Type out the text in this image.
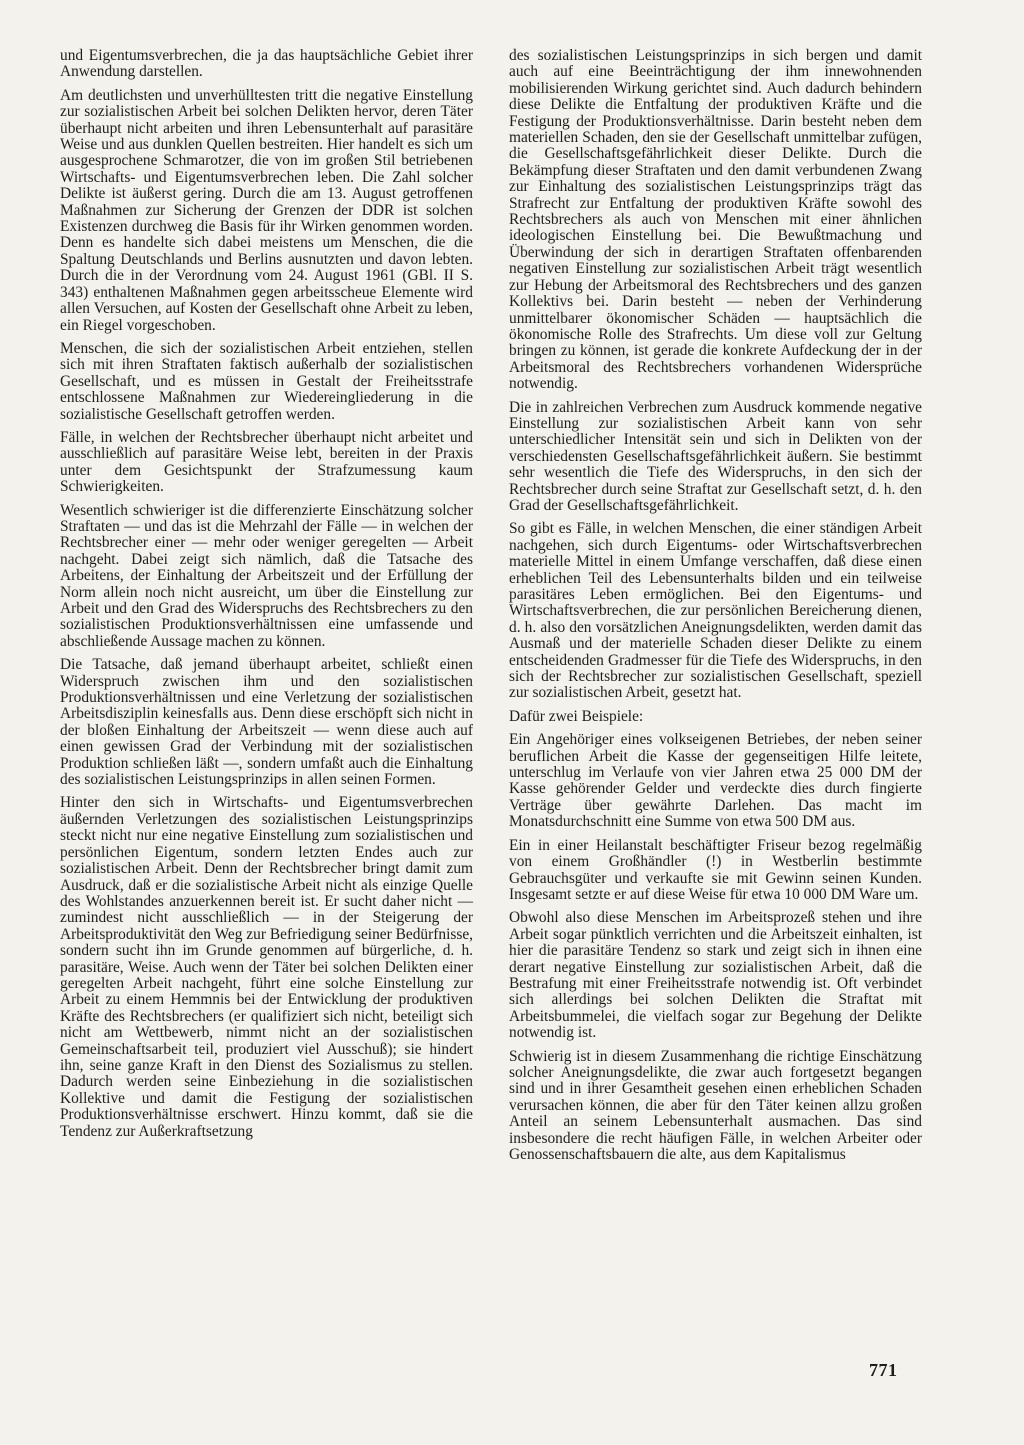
und Eigentumsverbrechen, die ja das hauptsächliche Gebiet ihrer Anwendung darstellen.

Am deutlichsten und unverhülltesten tritt die negative Einstellung zur sozialistischen Arbeit bei solchen Delikten hervor, deren Täter überhaupt nicht arbeiten und ihren Lebensunterhalt auf parasitäre Weise und aus dunklen Quellen bestreiten. Hier handelt es sich um ausgesprochene Schmarotzer, die von im großen Stil betriebenen Wirtschafts- und Eigentumsverbrechen leben. Die Zahl solcher Delikte ist äußerst gering. Durch die am 13. August getroffenen Maßnahmen zur Sicherung der Grenzen der DDR ist solchen Existenzen durchweg die Basis für ihr Wirken genommen worden. Denn es handelte sich dabei meistens um Menschen, die die Spaltung Deutschlands und Berlins ausnutzten und davon lebten. Durch die in der Verordnung vom 24. August 1961 (GBl. II S. 343) enthaltenen Maßnahmen gegen arbeitsscheue Elemente wird allen Versuchen, auf Kosten der Gesellschaft ohne Arbeit zu leben, ein Riegel vorgeschoben.

Menschen, die sich der sozialistischen Arbeit entziehen, stellen sich mit ihren Straftaten faktisch außerhalb der sozialistischen Gesellschaft, und es müssen in Gestalt der Freiheitsstrafe entschlossene Maßnahmen zur Wiedereingliederung in die sozialistische Gesellschaft getroffen werden.

Fälle, in welchen der Rechtsbrecher überhaupt nicht arbeitet und ausschließlich auf parasitäre Weise lebt, bereiten in der Praxis unter dem Gesichtspunkt der Strafzumessung kaum Schwierigkeiten.

Wesentlich schwieriger ist die differenzierte Einschätzung solcher Straftaten — und das ist die Mehrzahl der Fälle — in welchen der Rechtsbrecher einer — mehr oder weniger geregelten — Arbeit nachgeht. Dabei zeigt sich nämlich, daß die Tatsache des Arbeitens, der Einhaltung der Arbeitszeit und der Erfüllung der Norm allein noch nicht ausreicht, um über die Einstellung zur Arbeit und den Grad des Widerspruchs des Rechtsbrechers zu den sozialistischen Produktionsverhältnissen eine umfassende und abschließende Aussage machen zu können.

Die Tatsache, daß jemand überhaupt arbeitet, schließt einen Widerspruch zwischen ihm und den sozialistischen Produktionsverhältnissen und eine Verletzung der sozialistischen Arbeitsdisziplin keinesfalls aus. Denn diese erschöpft sich nicht in der bloßen Einhaltung der Arbeitszeit — wenn diese auch auf einen gewissen Grad der Verbindung mit der sozialistischen Produktion schließen läßt —, sondern umfaßt auch die Einhaltung des sozialistischen Leistungsprinzips in allen seinen Formen.

Hinter den sich in Wirtschafts- und Eigentumsverbrechen äußernden Verletzungen des sozialistischen Leistungsprinzips steckt nicht nur eine negative Einstellung zum sozialistischen und persönlichen Eigentum, sondern letzten Endes auch zur sozialistischen Arbeit. Denn der Rechtsbrecher bringt damit zum Ausdruck, daß er die sozialistische Arbeit nicht als einzige Quelle des Wohlstandes anzuerkennen bereit ist. Er sucht daher nicht — zumindest nicht ausschließlich — in der Steigerung der Arbeitsproduktivität den Weg zur Befriedigung seiner Bedürfnisse, sondern sucht ihn im Grunde genommen auf bürgerliche, d. h. parasitäre, Weise. Auch wenn der Täter bei solchen Delikten einer geregelten Arbeit nachgeht, führt eine solche Einstellung zur Arbeit zu einem Hemmnis bei der Entwicklung der produktiven Kräfte des Rechtsbrechers (er qualifiziert sich nicht, beteiligt sich nicht am Wettbewerb, nimmt nicht an der sozialistischen Gemeinschaftsarbeit teil, produziert viel Ausschuß); sie hindert ihn, seine ganze Kraft in den Dienst des Sozialismus zu stellen. Dadurch werden seine Einbeziehung in die sozialistischen Kollektive und damit die Festigung der sozialistischen Produktionsverhältnisse erschwert. Hinzu kommt, daß sie die Tendenz zur Außerkraftsetzung

des sozialistischen Leistungsprinzips in sich bergen und damit auch auf eine Beeinträchtigung der ihm innewohnenden mobilisierenden Wirkung gerichtet sind. Auch dadurch behindern diese Delikte die Entfaltung der produktiven Kräfte und die Festigung der Produktionsverhältnisse. Darin besteht neben dem materiellen Schaden, den sie der Gesellschaft unmittelbar zufügen, die Gesellschaftsgefährlichkeit dieser Delikte. Durch die Bekämpfung dieser Straftaten und den damit verbundenen Zwang zur Einhaltung des sozialistischen Leistungsprinzips trägt das Strafrecht zur Entfaltung der produktiven Kräfte sowohl des Rechtsbrechers als auch von Menschen mit einer ähnlichen ideologischen Einstellung bei. Die Bewußtmachung und Überwindung der sich in derartigen Straftaten offenbarenden negativen Einstellung zur sozialistischen Arbeit trägt wesentlich zur Hebung der Arbeitsmoral des Rechtsbrechers und des ganzen Kollektivs bei. Darin besteht — neben der Verhinderung unmittelbarer ökonomischer Schäden — hauptsächlich die ökonomische Rolle des Strafrechts. Um diese voll zur Geltung bringen zu können, ist gerade die konkrete Aufdeckung der in der Arbeitsmoral des Rechtsbrechers vorhandenen Widersprüche notwendig.

Die in zahlreichen Verbrechen zum Ausdruck kommende negative Einstellung zur sozialistischen Arbeit kann von sehr unterschiedlicher Intensität sein und sich in Delikten von der verschiedensten Gesellschaftsgefährlichkeit äußern. Sie bestimmt sehr wesentlich die Tiefe des Widerspruchs, in den sich der Rechtsbrecher durch seine Straftat zur Gesellschaft setzt, d. h. den Grad der Gesellschaftsgefährlichkeit.

So gibt es Fälle, in welchen Menschen, die einer ständigen Arbeit nachgehen, sich durch Eigentums- oder Wirtschaftsverbrechen materielle Mittel in einem Umfange verschaffen, daß diese einen erheblichen Teil des Lebensunterhalts bilden und ein teilweise parasitäres Leben ermöglichen. Bei den Eigentums- und Wirtschaftsverbrechen, die zur persönlichen Bereicherung dienen, d. h. also den vorsätzlichen Aneignungsdelikten, werden damit das Ausmaß und der materielle Schaden dieser Delikte zu einem entscheidenden Gradmesser für die Tiefe des Widerspruchs, in den sich der Rechtsbrecher zur sozialistischen Gesellschaft, speziell zur sozialistischen Arbeit, gesetzt hat.

Dafür zwei Beispiele:

Ein Angehöriger eines volkseigenen Betriebes, der neben seiner beruflichen Arbeit die Kasse der gegenseitigen Hilfe leitete, unterschlug im Verlaufe von vier Jahren etwa 25 000 DM der Kasse gehörender Gelder und verdeckte dies durch fingierte Verträge über gewährte Darlehen. Das macht im Monatsdurchschnitt eine Summe von etwa 500 DM aus.

Ein in einer Heilanstalt beschäftigter Friseur bezog regelmäßig von einem Großhändler (!) in Westberlin bestimmte Gebrauchsgüter und verkaufte sie mit Gewinn seinen Kunden. Insgesamt setzte er auf diese Weise für etwa 10 000 DM Ware um.

Obwohl also diese Menschen im Arbeitsprozeß stehen und ihre Arbeit sogar pünktlich verrichten und die Arbeitszeit einhalten, ist hier die parasitäre Tendenz so stark und zeigt sich in ihnen eine derart negative Einstellung zur sozialistischen Arbeit, daß die Bestrafung mit einer Freiheitsstrafe notwendig ist. Oft verbindet sich allerdings bei solchen Delikten die Straftat mit Arbeitsbummelei, die vielfach sogar zur Begehung der Delikte notwendig ist.

Schwierig ist in diesem Zusammenhang die richtige Einschätzung solcher Aneignungsdelikte, die zwar auch fortgesetzt begangen sind und in ihrer Gesamtheit gesehen einen erheblichen Schaden verursachen können, die aber für den Täter keinen allzu großen Anteil an seinem Lebensunterhalt ausmachen. Das sind insbesondere die recht häufigen Fälle, in welchen Arbeiter oder Genossenschaftsbauern die alte, aus dem Kapitalismus

771
